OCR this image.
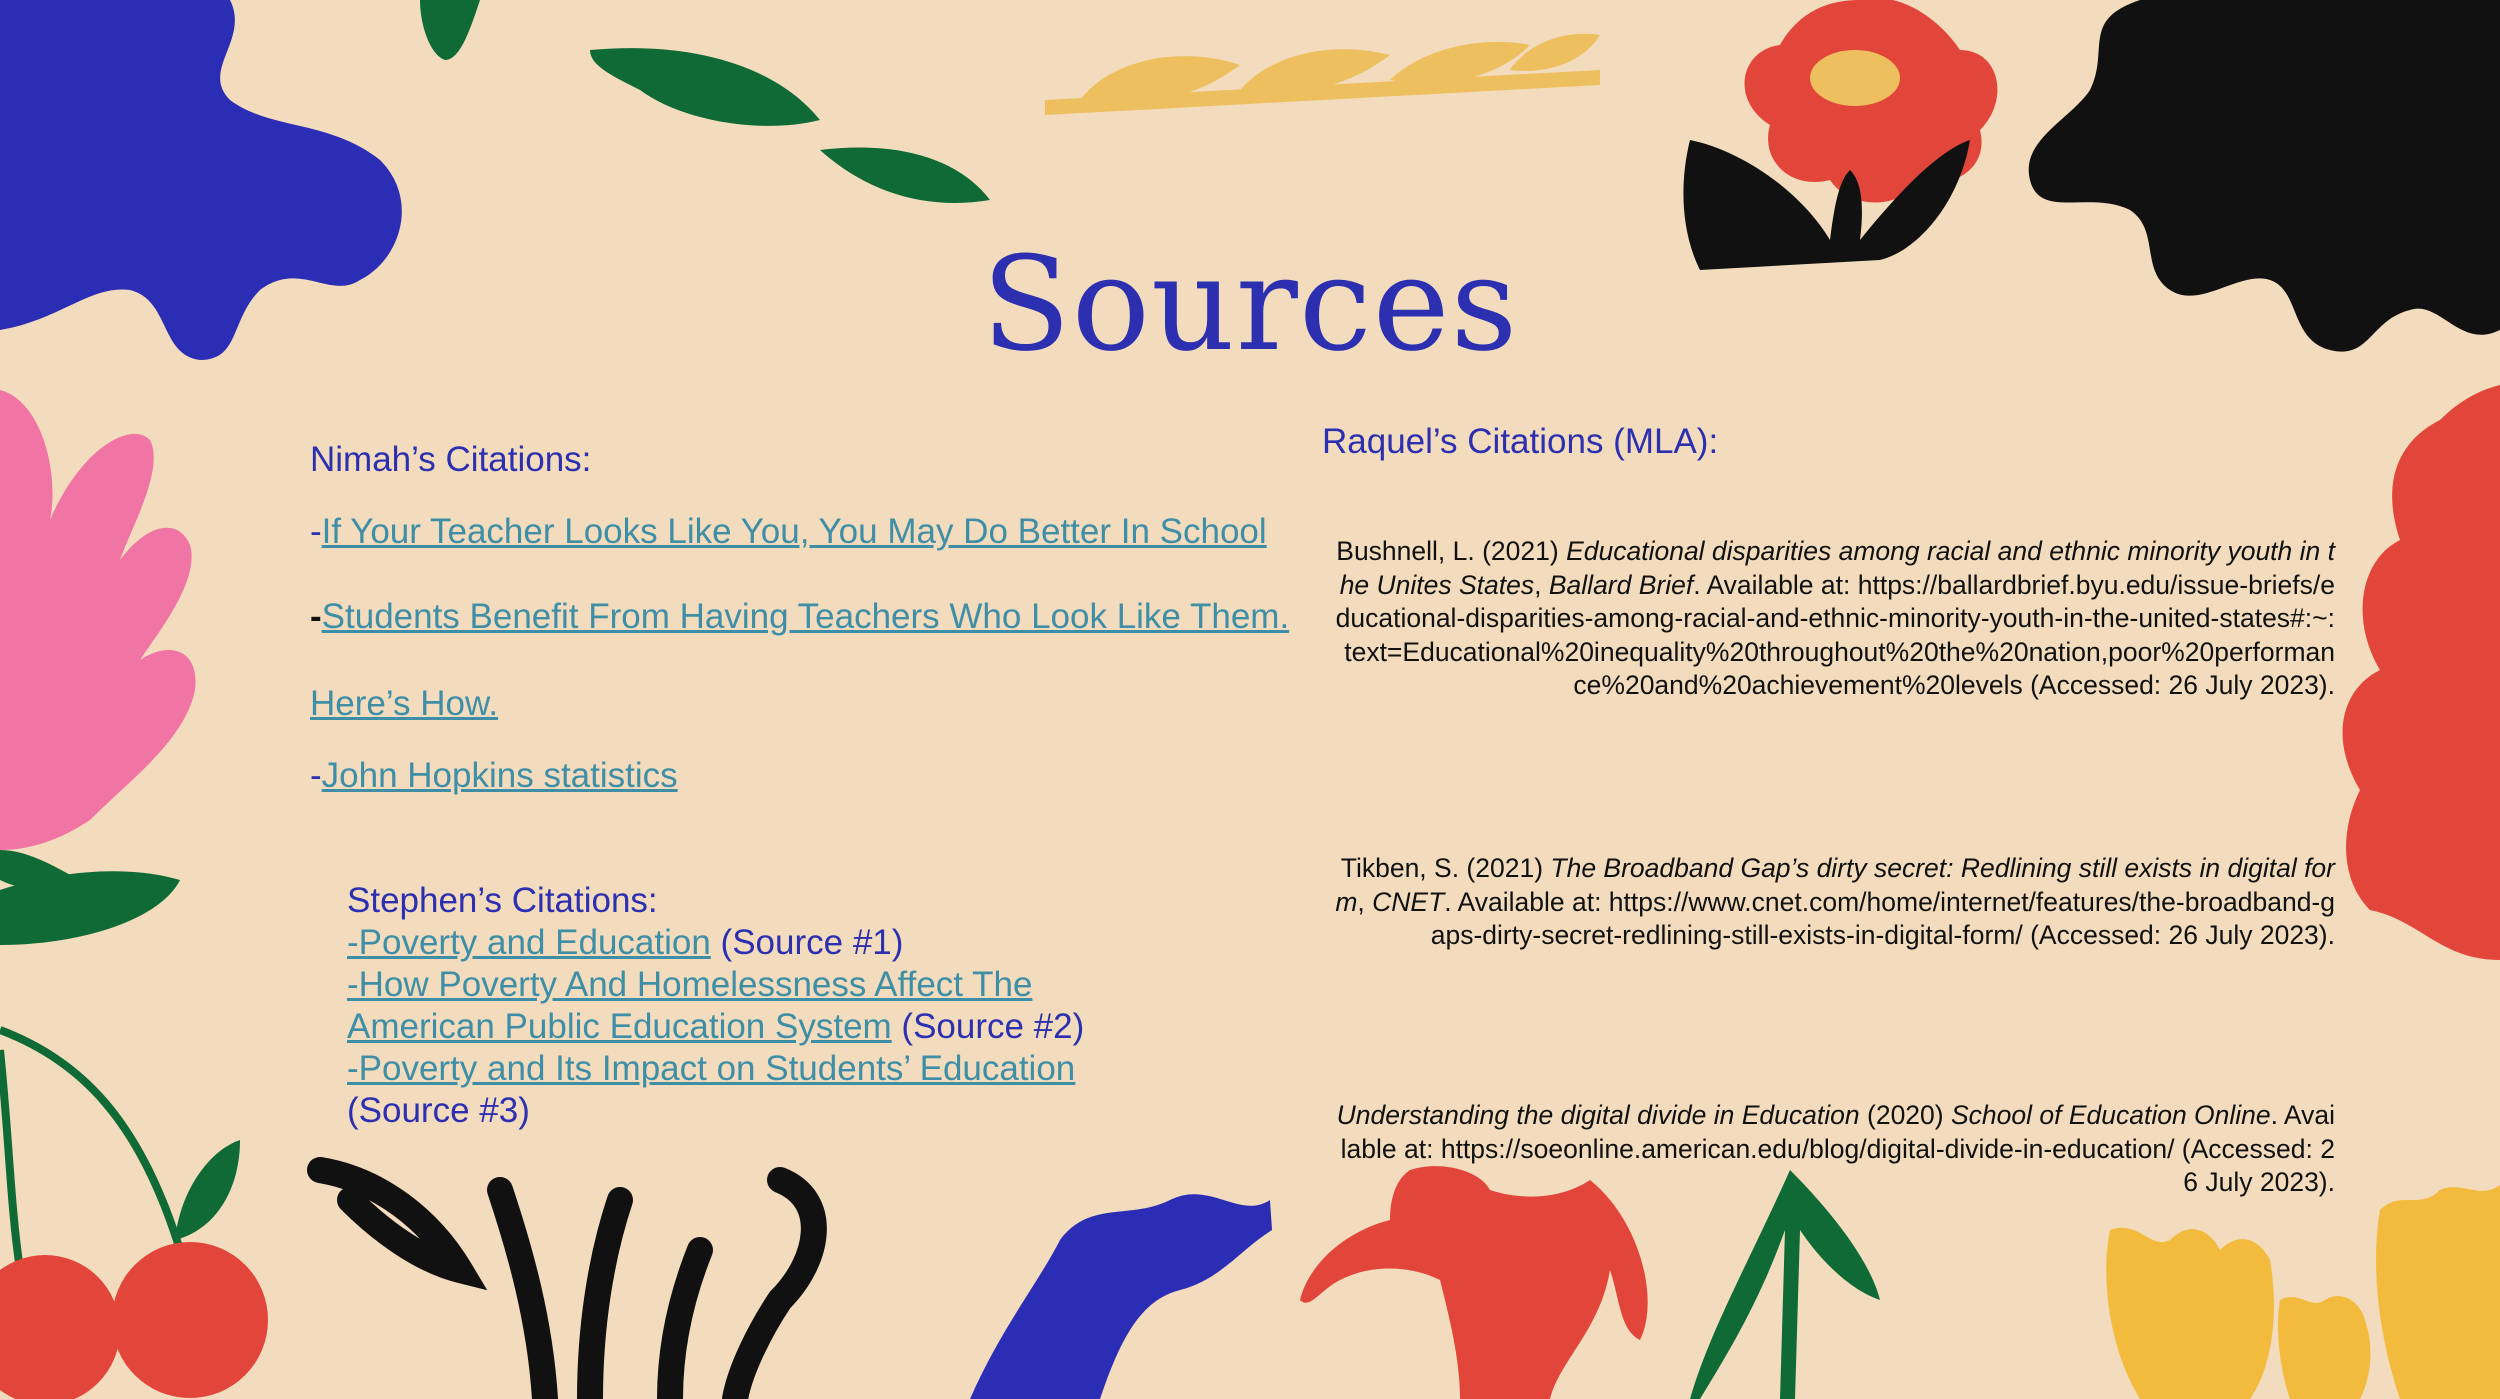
Sources
Nimah’s Citations:
-If Your Teacher Looks Like You, You May Do Better In School
-Students Benefit From Having Teachers Who Look Like Them.
Here’s How.
-John Hopkins statistics
Stephen’s Citations:
-Poverty and Education (Source #1)
-How Poverty And Homelessness Affect The
American Public Education System (Source #2)
-Poverty and Its Impact on Students’ Education
(Source #3)
Raquel’s Citations (MLA):
Bushnell, L. (2021) Educational disparities among racial and ethnic minority youth in the Unites States, Ballard Brief. Available at: https://ballardbrief.byu.edu/issue-briefs/educational-disparities-among-racial-and-ethnic-minority-youth-in-the-united-states#:~:text=Educational%20inequality%20throughout%20the%20nation,poor%20performance%20and%20achievement%20levels (Accessed: 26 July 2023).
Tikben, S. (2021) The Broadband Gap’s dirty secret: Redlining still exists in digital form, CNET. Available at: https://www.cnet.com/home/internet/features/the-broadband-gaps-dirty-secret-redlining-still-exists-in-digital-form/ (Accessed: 26 July 2023).
Understanding the digital divide in Education (2020) School of Education Online. Available at: https://soeonline.american.edu/blog/digital-divide-in-education/ (Accessed: 26 July 2023).
